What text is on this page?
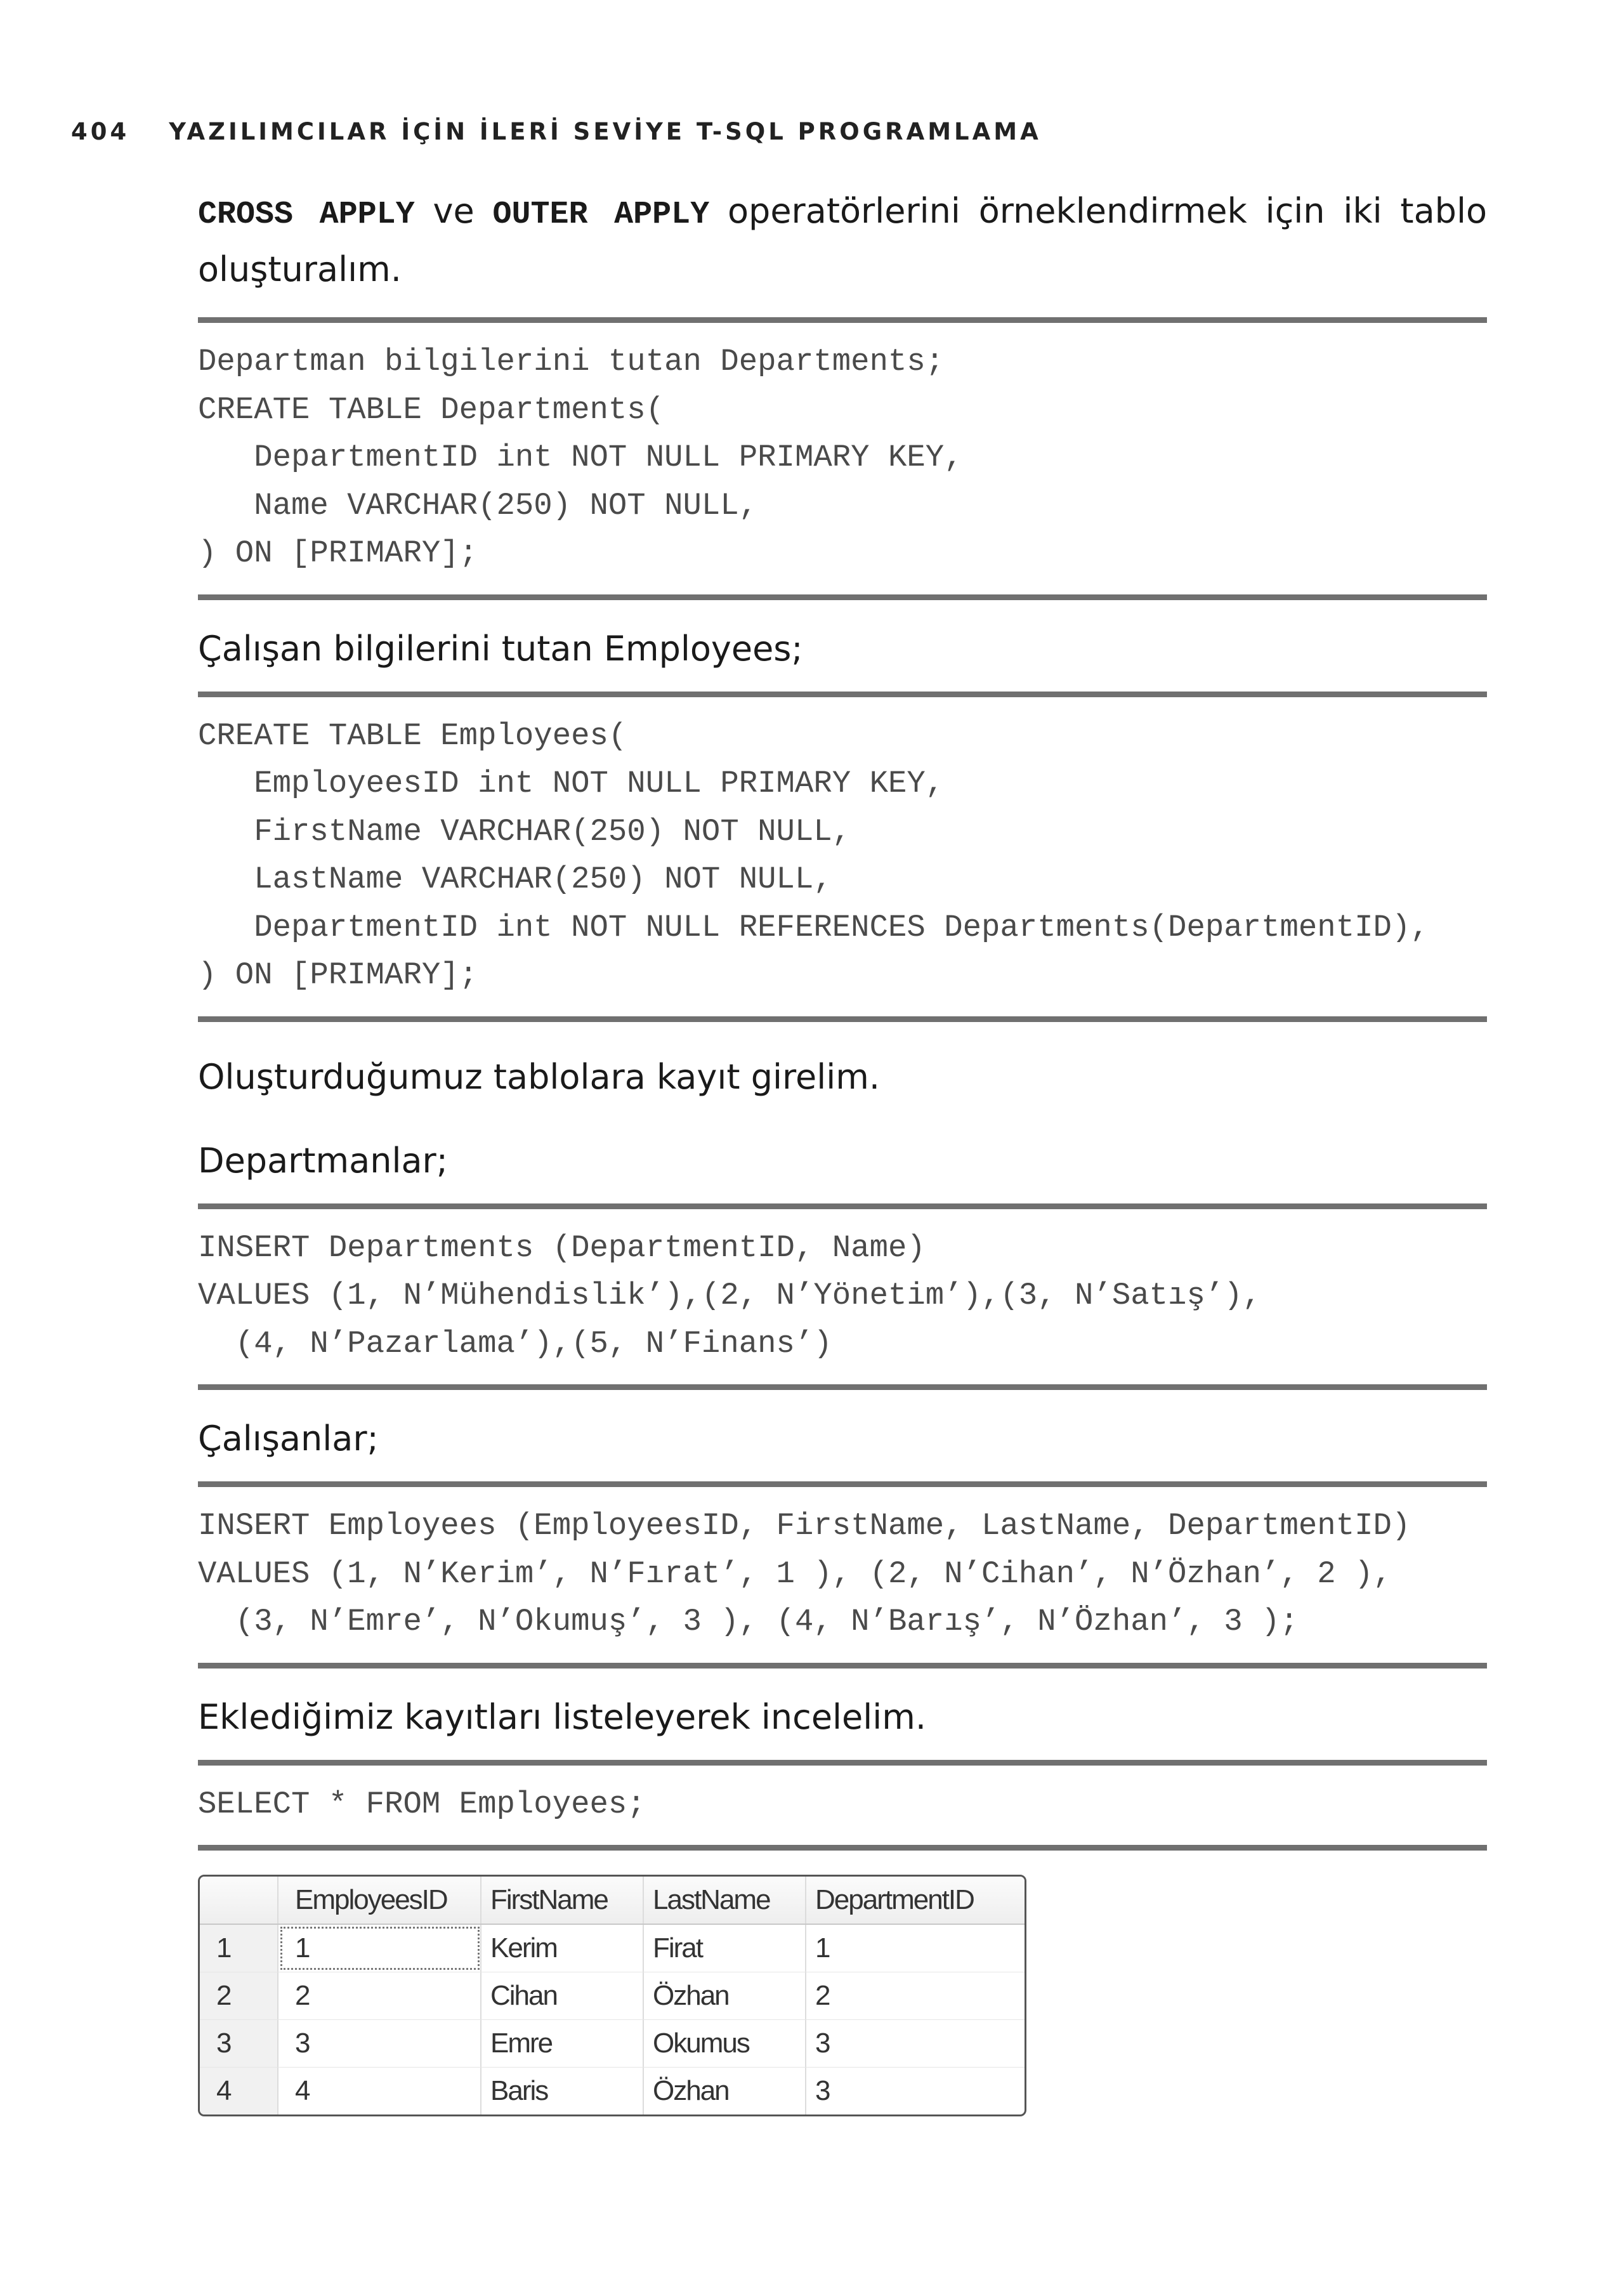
404 YAZILIMCILAR İÇİN İLERİ SEVİYE T-SQL PROGRAMLAMA

CROSS APPLY ve OUTER APPLY operatörlerini örneklendirmek için iki tablo oluşturalım.

Departman bilgilerini tutan Departments;
CREATE TABLE Departments(
DepartmentID int NOT NULL PRIMARY KEY,
Name VARCHAR(250) NOT NULL,
) ON [PRIMARY];

Çalışan bilgilerini tutan Employees;

CREATE TABLE Employees(
EmployeesID int NOT NULL PRIMARY KEY,
FirstName VARCHAR(250) NOT NULL,
LastName VARCHAR(250) NOT NULL,
DepartmentID int NOT NULL REFERENCES Departments(DepartmentID),
) ON [PRIMARY];

Oluşturduğumuz tablolara kayıt girelim.

Departmanlar;

INSERT Departments (DepartmentID, Name)
VALUES (1, N’Mühendislik’),(2, N’Yönetim’),(3, N’Satış’),
(4, N’Pazarlama’),(5, N’Finans’)

Çalışanlar;

INSERT Employees (EmployeesID, FirstName, LastName, DepartmentID)
VALUES (1, N’Kerim’, N’Fırat’, 1 ), (2, N’Cihan’, N’Özhan’, 2 ),
(3, N’Emre’, N’Okumuş’, 3 ), (4, N’Barış’, N’Özhan’, 3 );

Eklediğimiz kayıtları listeleyerek incelelim.

SELECT * FROM Employees;
EmployeesID	FirstName	LastName	DepartmentID
1	1	Kerim	Firat	1
2	2	Cihan	Özhan	2
3	3	Emre	Okumus	3
4	4	Baris	Özhan	3
